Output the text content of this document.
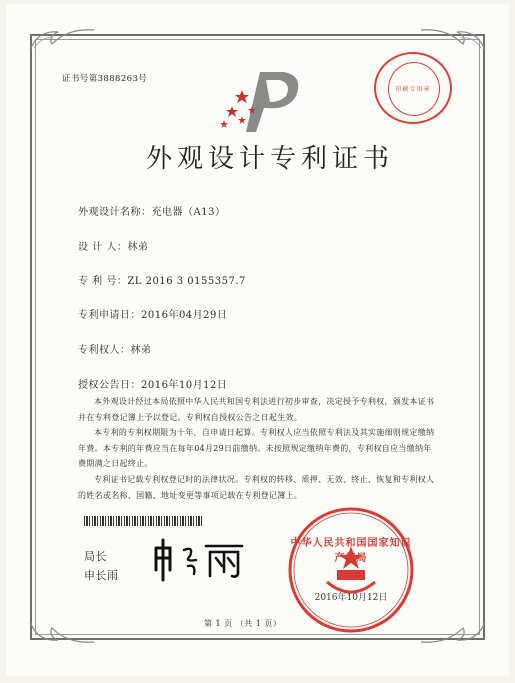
证书号第3888263号
印刷专用章
外观设计专利证书
外观设计名称：充电器（A13）
设 计 人：林弟
专 利 号：ZL 2016 3 0155357.7
专利申请日：2016年04月29日
专利权人：林弟
授权公告日：2016年10月12日
本外观设计经过本局依照中华人民共和国专利法进行初步审查，决定授予专利权，颁发本证书并在专利登记簿上予以登记。专利权自授权公告之日起生效。
本专利的专利权期限为十年，自申请日起算。专利权人应当依照专利法及其实施细则规定缴纳年费。本专利的年费应当在每年04月29日前缴纳。未按照规定缴纳年费的，专利权自应当缴纳年费期满之日起终止。
专利证书记载专利权登记时的法律状况。专利权的转移、质押、无效、终止、恢复和专利权人的姓名或名称、国籍、地址变更等事项记载在专利登记簿上。
局长
申长雨
中华人民共和国国家知识产权局
2016年10月12日
第 1 页 （共 1 页）
